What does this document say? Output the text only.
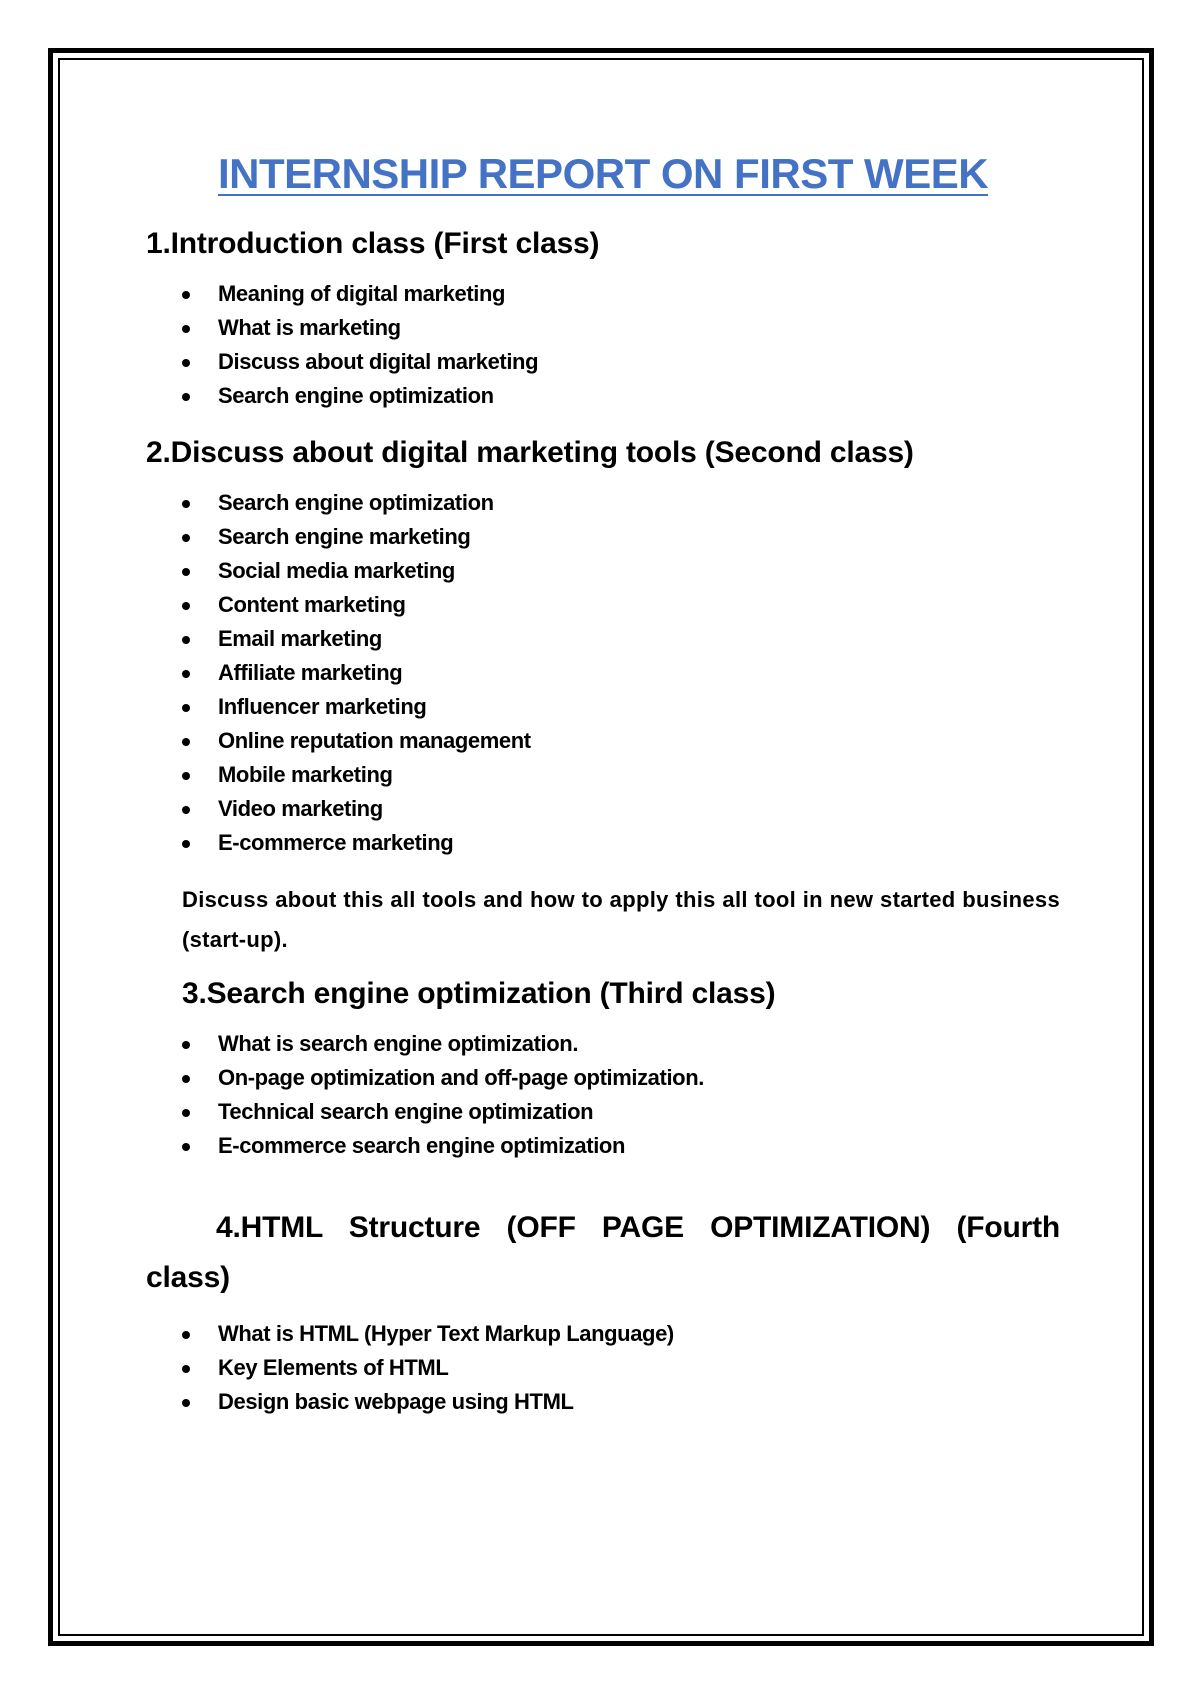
INTERNSHIP REPORT ON FIRST WEEK
1.Introduction class (First class)
Meaning of digital marketing
What is marketing
Discuss about digital marketing
Search engine optimization
2.Discuss about digital marketing tools (Second class)
Search engine optimization
Search engine marketing
Social media marketing
Content marketing
Email marketing
Affiliate marketing
Influencer marketing
Online reputation management
Mobile marketing
Video marketing
E-commerce marketing

Discuss about this all tools and how to apply this all tool in new started business (start-up).

3.Search engine optimization (Third class)
What is search engine optimization.
On-page optimization and off-page optimization.
Technical search engine optimization
E-commerce search engine optimization
4.HTML Structure (OFF PAGE OPTIMIZATION) (Fourth class)
What is HTML (Hyper Text Markup Language)
Key Elements of HTML
Design basic webpage using HTML
